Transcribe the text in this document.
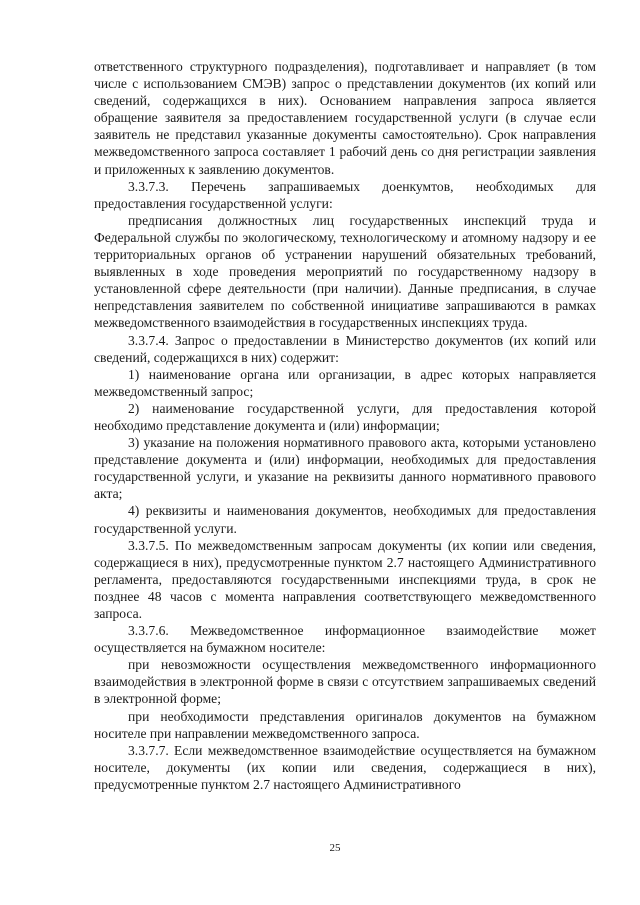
ответственного структурного подразделения), подготавливает и направляет (в том числе с использованием СМЭВ) запрос о представлении документов (их копий или сведений, содержащихся в них). Основанием направления запроса является обращение заявителя за предоставлением государственной услуги (в случае если заявитель не представил указанные документы самостоятельно). Срок направления межведомственного запроса составляет 1 рабочий день со дня регистрации заявления и приложенных к заявлению документов.

3.3.7.3. Перечень запрашиваемых доенкумтов, необходимых для предоставления государственной услуги:

предписания должностных лиц государственных инспекций труда и Федеральной службы по экологическому, технологическому и атомному надзору и ее территориальных органов об устранении нарушений обязательных требований, выявленных в ходе проведения мероприятий по государственному надзору в установленной сфере деятельности (при наличии). Данные предписания, в случае непредставления заявителем по собственной инициативе запрашиваются в рамках межведомственного взаимодействия в государственных инспекциях труда.

3.3.7.4. Запрос о предоставлении в Министерство документов (их копий или сведений, содержащихся в них) содержит:

1) наименование органа или организации, в адрес которых направляется межведомственный запрос;

2) наименование государственной услуги, для предоставления которой необходимо представление документа и (или) информации;

3) указание на положения нормативного правового акта, которыми установлено представление документа и (или) информации, необходимых для предоставления государственной услуги, и указание на реквизиты данного нормативного правового акта;

4) реквизиты и наименования документов, необходимых для предоставления государственной услуги.

3.3.7.5. По межведомственным запросам документы (их копии или сведения, содержащиеся в них), предусмотренные пунктом 2.7 настоящего Административного регламента, предоставляются государственными инспекциями труда, в срок не позднее 48 часов с момента направления соответствующего межведомственного запроса.

3.3.7.6. Межведомственное информационное взаимодействие может осуществляется на бумажном носителе:

при невозможности осуществления межведомственного информационного взаимодействия в электронной форме в связи с отсутствием запрашиваемых сведений в электронной форме;

при необходимости представления оригиналов документов на бумажном носителе при направлении межведомственного запроса.

3.3.7.7. Если межведомственное взаимодействие осуществляется на бумажном носителе, документы (их копии или сведения, содержащиеся в них), предусмотренные пунктом 2.7 настоящего Административного

25
